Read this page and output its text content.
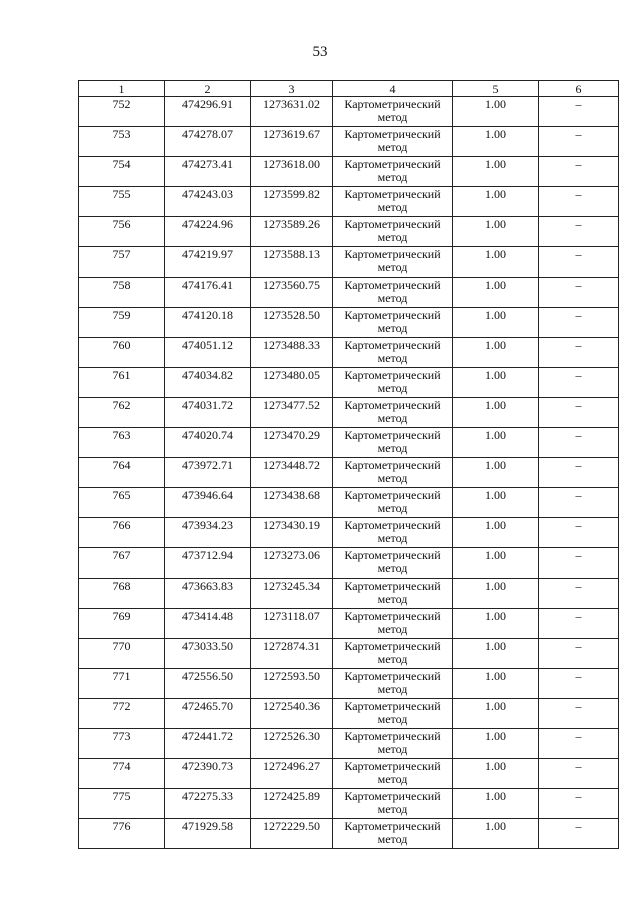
53
1	2	3	4	5	6
752	474296.91	1273631.02	Картометрический метод	1.00	–
753	474278.07	1273619.67	Картометрический метод	1.00	–
754	474273.41	1273618.00	Картометрический метод	1.00	–
755	474243.03	1273599.82	Картометрический метод	1.00	–
756	474224.96	1273589.26	Картометрический метод	1.00	–
757	474219.97	1273588.13	Картометрический метод	1.00	–
758	474176.41	1273560.75	Картометрический метод	1.00	–
759	474120.18	1273528.50	Картометрический метод	1.00	–
760	474051.12	1273488.33	Картометрический метод	1.00	–
761	474034.82	1273480.05	Картометрический метод	1.00	–
762	474031.72	1273477.52	Картометрический метод	1.00	–
763	474020.74	1273470.29	Картометрический метод	1.00	–
764	473972.71	1273448.72	Картометрический метод	1.00	–
765	473946.64	1273438.68	Картометрический метод	1.00	–
766	473934.23	1273430.19	Картометрический метод	1.00	–
767	473712.94	1273273.06	Картометрический метод	1.00	–
768	473663.83	1273245.34	Картометрический метод	1.00	–
769	473414.48	1273118.07	Картометрический метод	1.00	–
770	473033.50	1272874.31	Картометрический метод	1.00	–
771	472556.50	1272593.50	Картометрический метод	1.00	–
772	472465.70	1272540.36	Картометрический метод	1.00	–
773	472441.72	1272526.30	Картометрический метод	1.00	–
774	472390.73	1272496.27	Картометрический метод	1.00	–
775	472275.33	1272425.89	Картометрический метод	1.00	–
776	471929.58	1272229.50	Картометрический метод	1.00	–
